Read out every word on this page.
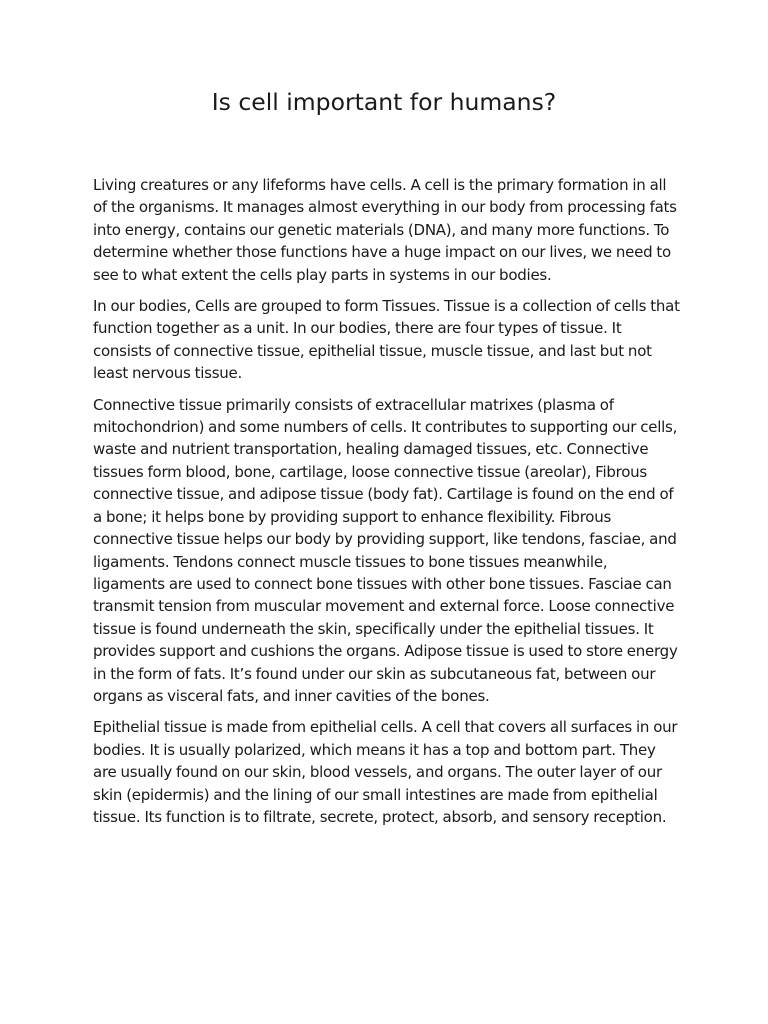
Is cell important for humans?

Living creatures or any lifeforms have cells. A cell is the primary formation in all of the organisms. It manages almost everything in our body from processing fats into energy, contains our genetic materials (DNA), and many more functions. To determine whether those functions have a huge impact on our lives, we need to see to what extent the cells play parts in systems in our bodies.

In our bodies, Cells are grouped to form Tissues. Tissue is a collection of cells that function together as a unit. In our bodies, there are four types of tissue. It consists of connective tissue, epithelial tissue, muscle tissue, and last but not least nervous tissue.

Connective tissue primarily consists of extracellular matrixes (plasma of mitochondrion) and some numbers of cells. It contributes to supporting our cells, waste and nutrient transportation, healing damaged tissues, etc. Connective tissues form blood, bone, cartilage, loose connective tissue (areolar), Fibrous connective tissue, and adipose tissue (body fat). Cartilage is found on the end of a bone; it helps bone by providing support to enhance flexibility. Fibrous connective tissue helps our body by providing support, like tendons, fasciae, and ligaments. Tendons connect muscle tissues to bone tissues meanwhile, ligaments are used to connect bone tissues with other bone tissues. Fasciae can transmit tension from muscular movement and external force. Loose connective tissue is found underneath the skin, specifically under the epithelial tissues. It provides support and cushions the organs. Adipose tissue is used to store energy in the form of fats. It’s found under our skin as subcutaneous fat, between our organs as visceral fats, and inner cavities of the bones.

Epithelial tissue is made from epithelial cells. A cell that covers all surfaces in our bodies. It is usually polarized, which means it has a top and bottom part. They are usually found on our skin, blood vessels, and organs. The outer layer of our skin (epidermis) and the lining of our small intestines are made from epithelial tissue. Its function is to filtrate, secrete, protect, absorb, and sensory reception.
